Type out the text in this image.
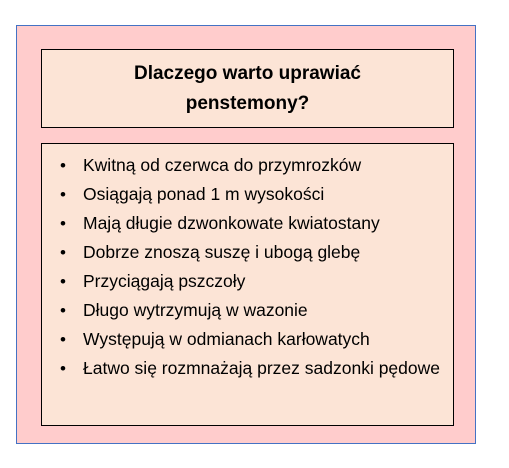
Dlaczego warto uprawiać penstemony?
• Kwitną od czerwca do przymrozków
• Osiągają ponad 1 m wysokości
• Mają długie dzwonkowate kwiatostany
• Dobrze znoszą suszę i ubogą glebę
• Przyciągają pszczoły
• Długo wytrzymują w wazonie
• Występują w odmianach karłowatych
• Łatwo się rozmnażają przez sadzonki pędowe
